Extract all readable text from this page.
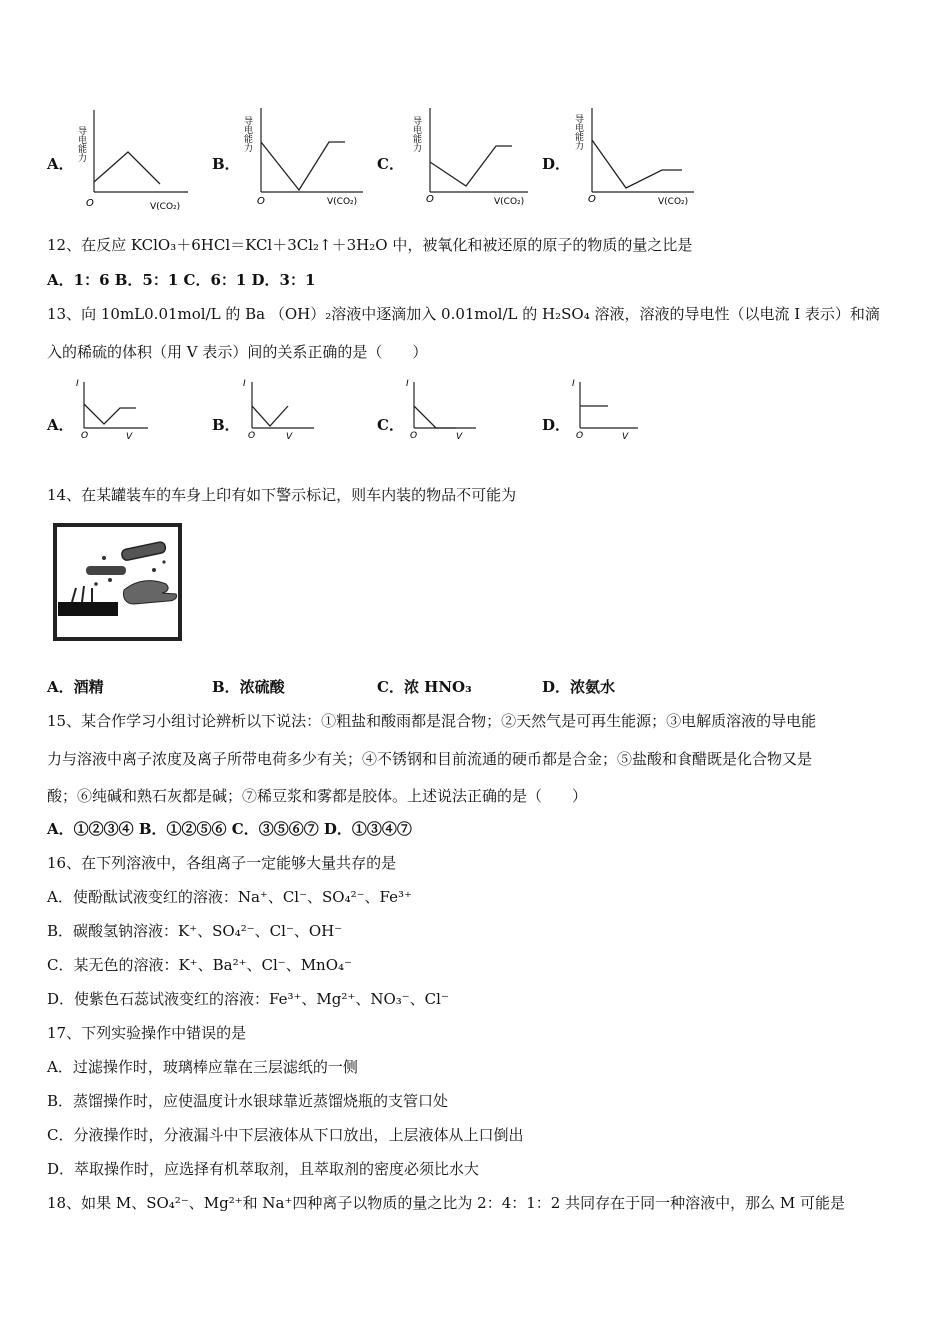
A．	B．	C．	D．
导电能力
O	V(CO₂)
导电能力
O	V(CO₂)
导电能力
O	V(CO₂)
导电能力
O	V(CO₂)
12、在反应 KClO₃＋6HCl＝KCl＋3Cl₂↑＋3H₂O 中，被氧化和被还原的原子的物质的量之比是
A．1：6 B．5：1 C．6：1 D．3：1
13、向 10mL0.01mol/L 的 Ba （OH）₂溶液中逐滴加入 0.01mol/L 的 H₂SO₄ 溶液，溶液的导电性（以电流 I 表示）和滴
入的稀硫的体积（用 V 表示）间的关系正确的是（　　）
A．	B．	C．	D．
I
O	V
I
O	V
I
O	V
I
O	V
14、在某罐装车的车身上印有如下警示标记，则车内装的物品不可能为
A．酒精	B．浓硫酸	C．浓 HNO₃	D．浓氨水
15、某合作学习小组讨论辨析以下说法：①粗盐和酸雨都是混合物；②天然气是可再生能源；③电解质溶液的导电能
力与溶液中离子浓度及离子所带电荷多少有关；④不锈钢和目前流通的硬币都是合金；⑤盐酸和食醋既是化合物又是
酸；⑥纯碱和熟石灰都是碱；⑦稀豆浆和雾都是胶体。上述说法正确的是（　　）
A．①②③④ B．①②⑤⑥ C．③⑤⑥⑦ D．①③④⑦
16、在下列溶液中，各组离子一定能够大量共存的是
A．使酚酞试液变红的溶液：Na⁺、Cl⁻、SO₄²⁻、Fe³⁺
B．碳酸氢钠溶液：K⁺、SO₄²⁻、Cl⁻、OH⁻
C．某无色的溶液：K⁺、Ba²⁺、Cl⁻、MnO₄⁻
D．使紫色石蕊试液变红的溶液：Fe³⁺、Mg²⁺、NO₃⁻、Cl⁻
17、下列实验操作中错误的是
A．过滤操作时，玻璃棒应靠在三层滤纸的一侧
B．蒸馏操作时，应使温度计水银球靠近蒸馏烧瓶的支管口处
C．分液操作时，分液漏斗中下层液体从下口放出，上层液体从上口倒出
D．萃取操作时，应选择有机萃取剂，且萃取剂的密度必须比水大
18、如果 M、SO₄²⁻、Mg²⁺和 Na⁺四种离子以物质的量之比为 2：4：1：2 共同存在于同一种溶液中，那么 M 可能是
